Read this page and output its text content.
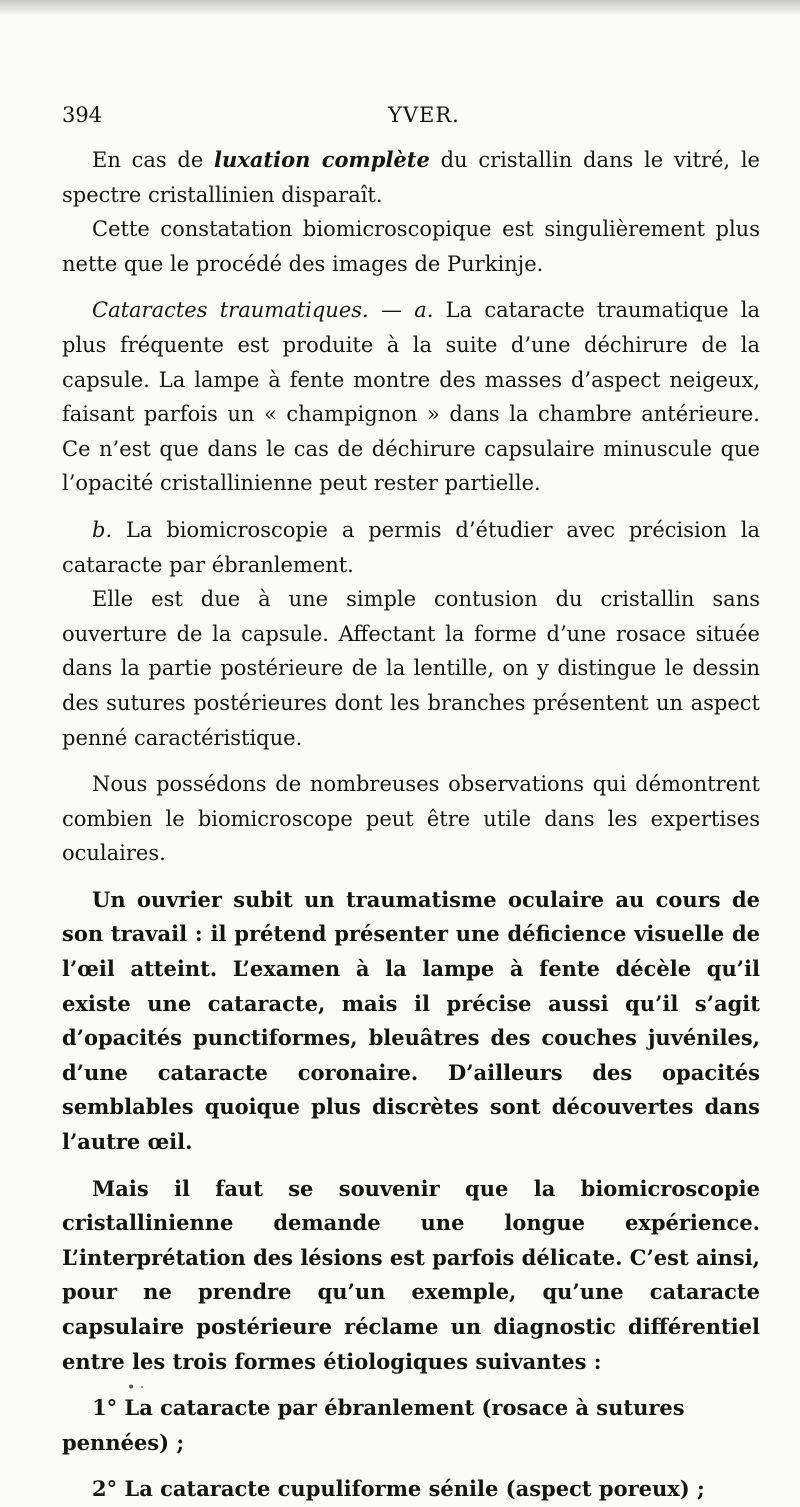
394	YVER.

En cas de luxation complète du cristallin dans le vitré, le spectre cristallinien disparaît.

Cette constatation biomicroscopique est singulièrement plus nette que le procédé des images de Purkinje.

Cataractes traumatiques. — a. La cataracte traumatique la plus fréquente est produite à la suite d’une déchirure de la capsule. La lampe à fente montre des masses d’aspect neigeux, faisant parfois un « champignon » dans la chambre antérieure. Ce n’est que dans le cas de déchirure capsulaire minuscule que l’opacité cristallinienne peut rester partielle.

b. La biomicroscopie a permis d’étudier avec précision la cataracte par ébranlement.

Elle est due à une simple contusion du cristallin sans ouverture de la capsule. Affectant la forme d’une rosace située dans la partie postérieure de la lentille, on y distingue le dessin des sutures postérieures dont les branches présentent un aspect penné caractéristique.

Nous possédons de nombreuses observations qui démontrent combien le biomicroscope peut être utile dans les expertises oculaires.

Un ouvrier subit un traumatisme oculaire au cours de son travail : il prétend présenter une déficience visuelle de l’œil atteint. L’examen à la lampe à fente décèle qu’il existe une cataracte, mais il précise aussi qu’il s’agit d’opacités punctiformes, bleuâtres des couches juvéniles, d’une cataracte coronaire. D’ailleurs des opacités semblables quoique plus discrètes sont découvertes dans l’autre œil.

Mais il faut se souvenir que la biomicroscopie cristallinienne demande une longue expérience. L’interprétation des lésions est parfois délicate. C’est ainsi, pour ne prendre qu’un exemple, qu’une cataracte capsulaire postérieure réclame un diagnostic différentiel entre les trois formes étiologiques suivantes :

1° La cataracte par ébranlement (rosace à sutures pennées) ;

2° La cataracte cupuliforme sénile (aspect poreux) ;

• ·
